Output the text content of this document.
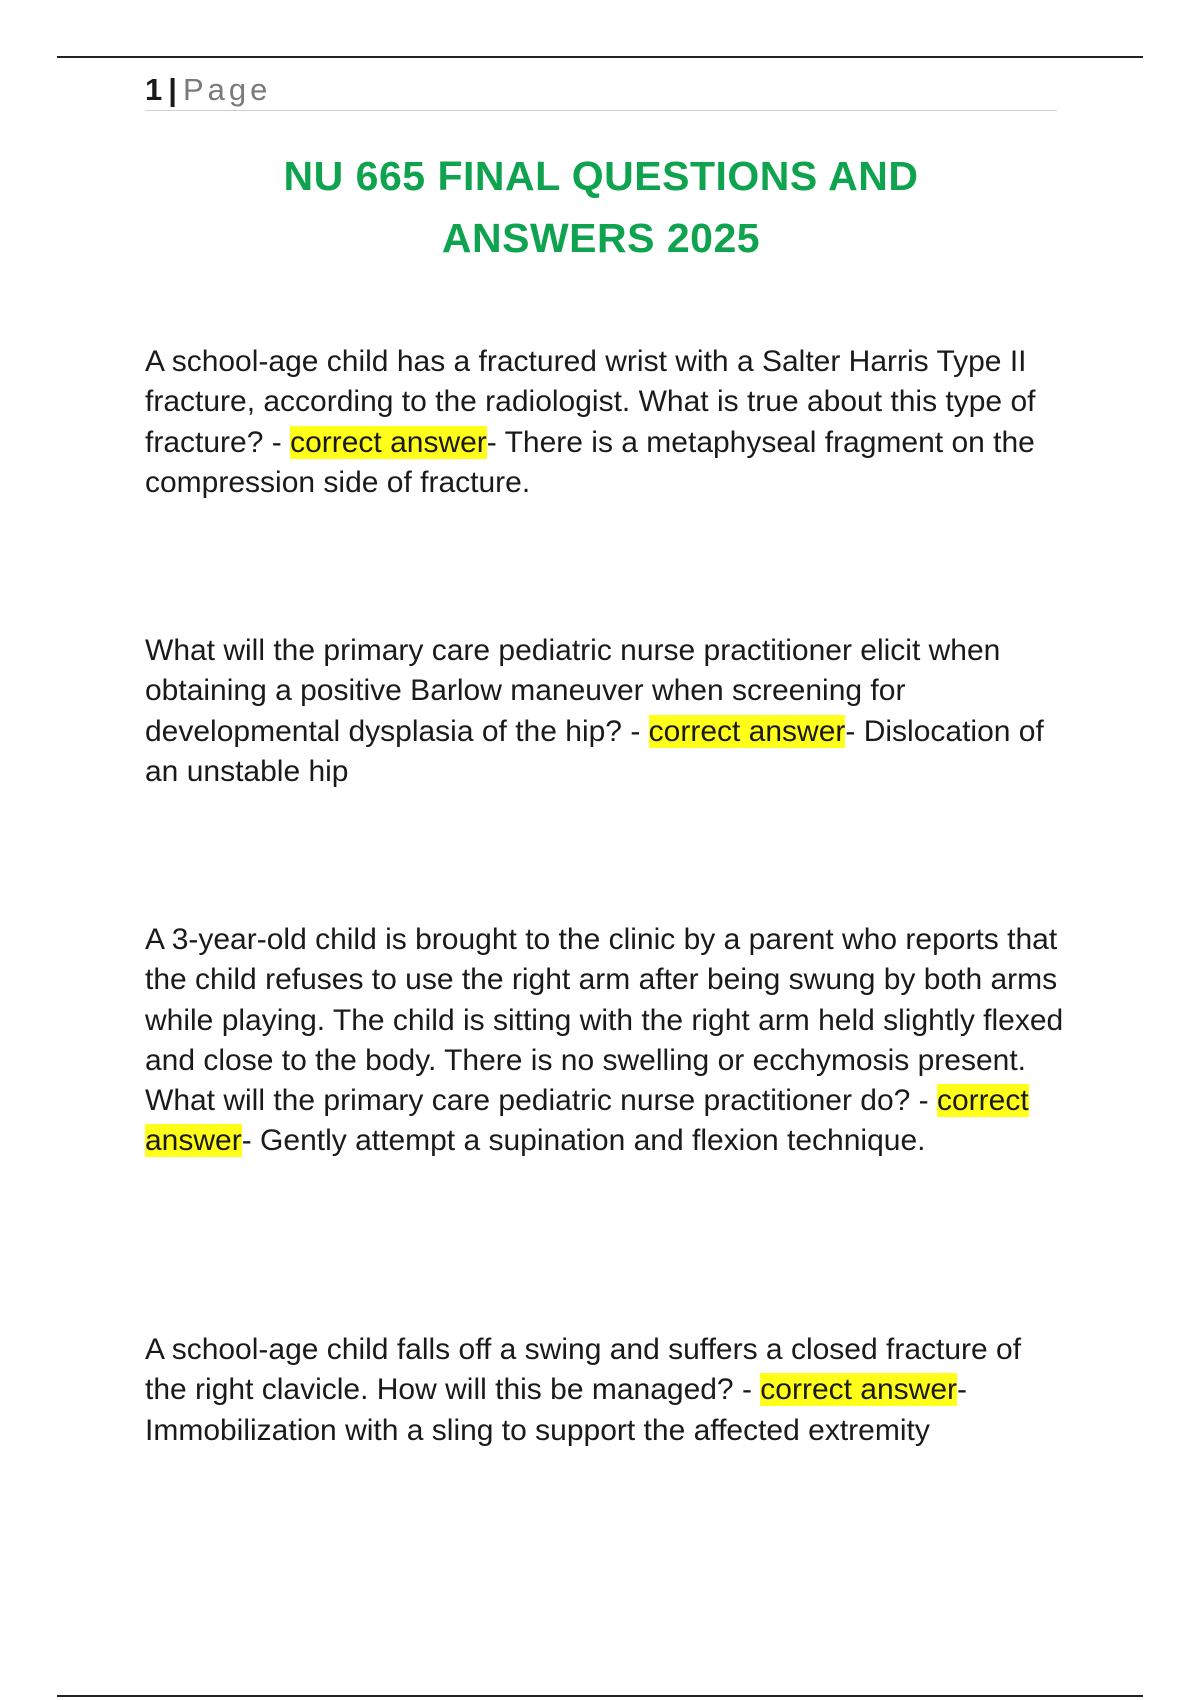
1 | Page
NU 665 FINAL QUESTIONS AND
ANSWERS 2025

A school-age child has a fractured wrist with a Salter Harris Type II fracture, according to the radiologist. What is true about this type of fracture? - correct answer- There is a metaphyseal fragment on the compression side of fracture.

What will the primary care pediatric nurse practitioner elicit when obtaining a positive Barlow maneuver when screening for developmental dysplasia of the hip? - correct answer- Dislocation of an unstable hip

A 3-year-old child is brought to the clinic by a parent who reports that the child refuses to use the right arm after being swung by both arms while playing. The child is sitting with the right arm held slightly flexed and close to the body. There is no swelling or ecchymosis present. What will the primary care pediatric nurse practitioner do? - correct answer- Gently attempt a supination and flexion technique.

A school-age child falls off a swing and suffers a closed fracture of the right clavicle. How will this be managed? - correct answer- Immobilization with a sling to support the affected extremity
